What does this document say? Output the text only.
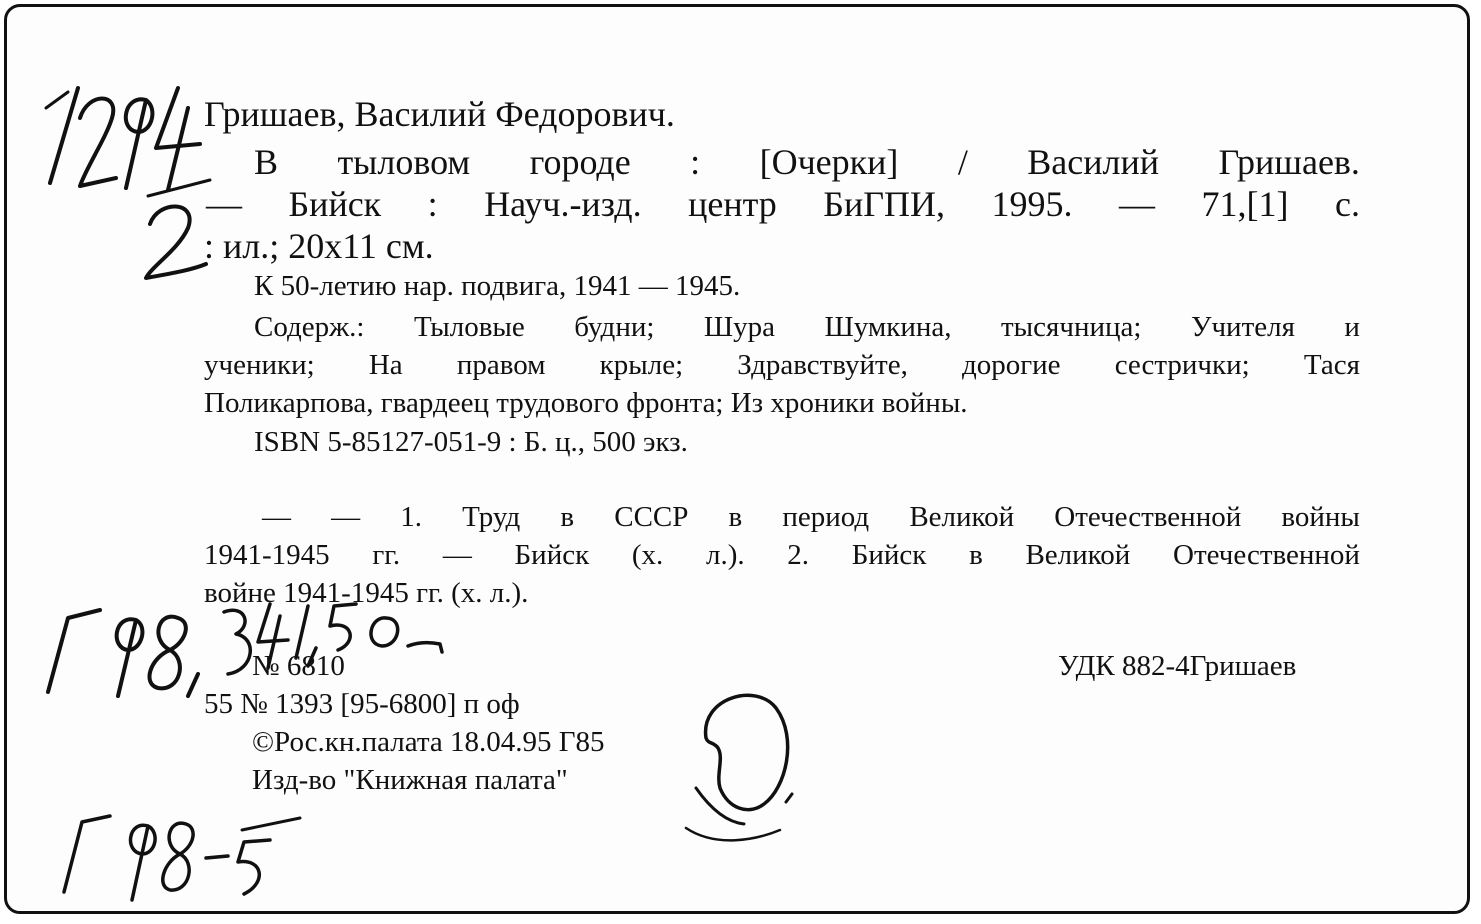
Гришаев, Василий Федорович.
В тыловом городе : [Очерки] / Василий Гришаев.
— Бийск : Науч.-изд. центр БиГПИ, 1995. — 71,[1] с.
: ил.; 20x11 см.
К 50-летию нар. подвига, 1941 — 1945.
Содерж.: Тыловые будни; Шура Шумкина, тысячница; Учителя и
ученики; На правом крыле; Здравствуйте, дорогие сестрички; Тася
Поликарпова, гвардеец трудового фронта; Из хроники войны.
ISBN 5-85127-051-9 : Б. ц., 500 экз.
— — 1. Труд в СССР в период Великой Отечественной войны
1941-1945 гг. — Бийск (х. л.). 2. Бийск в Великой Отечественной
войне 1941-1945 гг. (х. л.).
№ 6810	УДК 882-4Гришаев
55 № 1393 [95-6800] п оф
©Рос.кн.палата 18.04.95 Г85
Изд-во "Книжная палата"
